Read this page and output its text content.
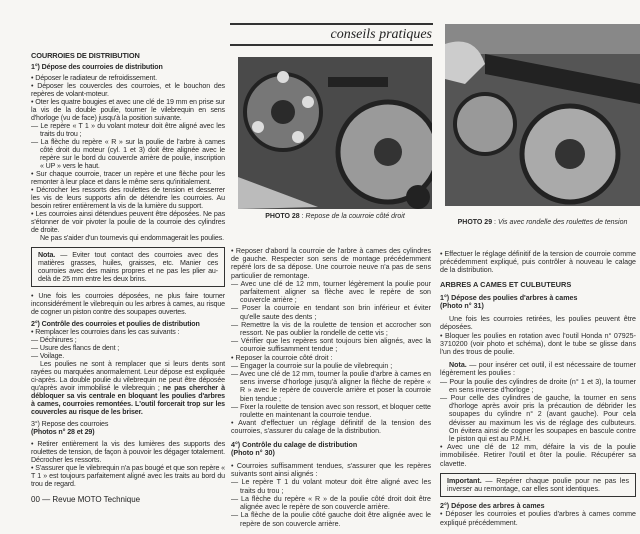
conseils pratiques
PHOTO 28 : Repose de la courroie côté droit
PHOTO 29 : Vis avec rondelle des roulettes de tension

COURROIES DE DISTRIBUTION

1°) Dépose des courroies de distribution

• Déposer le radiateur de refroidissement.

• Déposer les couvercles des courroies, et le bouchon des repères de volant-moteur.

• Oter les quatre bougies et avec une clé de 19 mm en prise sur la vis de la double poulie, tourner le vilebrequin en sens d'horloge (vu de face) jusqu'à la position suivante.

— Le repère « T 1 » du volant moteur doit être aligné avec les traits du trou ;

— La flèche du repère « R » sur la poulie de l'arbre à cames côté droit du moteur (cyl. 1 et 3) doit être alignée avec le repère sur le bord du couvercle arrière de poulie, inscription « UP » vers le haut.

• Sur chaque courroie, tracer un repère et une flèche pour les remonter à leur place et dans le même sens qu'initialement.

• Décrocher les ressorts des roulettes de tension et desserrer les vis de leurs supports afin de détendre les courroies. Au besoin retirer entièrement la vis de la lumière du support.

• Les courroies ainsi détendues peuvent être déposées. Ne pas s'étonner de voir pivoter la poulie de la courroie des cylindres de droite.

Ne pas s'aider d'un tournevis qui endommagerait les poulies.

Nota. — Eviter tout contact des courroies avec des matières grasses, huiles, graisses, etc. Manier ces courroies avec des mains propres et ne pas les plier au-delà de 25 mm entre les deux brins.

• Une fois les courroies déposées, ne plus faire tourner inconsidérément le vilebrequin ou les arbres à cames, au risque de cogner un piston contre des soupapes ouvertes.

2°) Contrôle des courroies et poulies de distribution

• Remplacer les courroies dans les cas suivants :

— Déchirures ;

— Usure des flancs de dent ;

— Voilage.

Les poulies ne sont à remplacer que si leurs dents sont rayées ou marquées anormalement. Leur dépose est expliquée ci-après. La double poulie du vilebrequin ne peut être déposée qu'après avoir immobilisé le vilebrequin ; ne pas chercher à débloquer sa vis centrale en bloquant les poulies d'arbres à cames, courroies remontées. L'outil forcerait trop sur les couvercles au risque de les briser.

3°) Repose des courroies

(Photos n° 28 et 29)

• Retirer entièrement la vis des lumières des supports des roulettes de tension, de façon à pouvoir les dégager totalement. Décrocher les ressorts.

• S'assurer que le vilebrequin n'a pas bougé et que son repère « T 1 » est toujours parfaitement aligné avec les traits au bord du trou de regard.

00 — Revue MOTO Technique

• Reposer d'abord la courroie de l'arbre à cames des cylindres de gauche. Respecter son sens de montage précédemment repéré lors de sa dépose. Une courroie neuve n'a pas de sens particulier de remontage.

— Avec une clé de 12 mm, tourner légèrement la poulie pour parfaitement aligner sa flèche avec le repère de son couvercle arrière ;

— Poser la courroie en tendant son brin inférieur et éviter qu'elle saute des dents ;

— Remettre la vis de la roulette de tension et accrocher son ressort. Ne pas oublier la rondelle de cette vis ;

— Vérifier que les repères sont toujours bien alignés, avec la courroie suffisamment tendue ;

• Reposer la courroie côté droit :

— Engager la courroie sur la poulie de vilebrequin ;

— Avec une clé de 12 mm, tourner la poulie d'arbre à cames en sens inverse d'horloge jusqu'à aligner la flèche de repère « R » avec le repère de couvercle arrière et poser la courroie bien tendue ;

— Fixer la roulette de tension avec son ressort, et bloquer cette roulette en maintenant la courroie tendue.

• Avant d'effectuer un réglage définitif de la tension des courroies, s'assurer du calage de la distribution.

4°) Contrôle du calage de distribution

(Photo n° 30)

• Courroies suffisamment tendues, s'assurer que les repères suivants sont ainsi alignés :

— Le repère T 1 du volant moteur doit être aligné avec les traits du trou ;

— La flèche du repère « R » de la poulie côté droit doit être alignée avec le repère de son couvercle arrière.

— La flèche de la poulie côté gauche doit être alignée avec le repère de son couvercle arrière.

• Effectuer le réglage définitif de la tension de courroie comme précédemment expliqué, puis contrôler à nouveau le calage de la distribution.

ARBRES A CAMES ET CULBUTEURS

1°) Dépose des poulies d'arbres à cames

(Photo n° 31)

Une fois les courroies retirées, les poulies peuvent être déposées.

• Bloquer les poulies en rotation avec l'outil Honda n° 07925-3710200 (voir photo et schéma), dont le tube se glisse dans l'un des trous de poulie.

Nota. — pour insérer cet outil, il est nécessaire de tourner légèrement les poulies :

— Pour la poulie des cylindres de droite (n° 1 et 3), la tourner en sens inverse d'horloge ;

— Pour celle des cylindres de gauche, la tourner en sens d'horloge après avoir pris la précaution de débrider les soupapes du cylindre n° 2 (avant gauche). Pour cela dévisser au maximum les vis de réglage des culbuteurs. On évitera ainsi de cogner les soupapes en bascule contre le piston qui est au P.M.H.

• Avec une clé de 12 mm, défaire la vis de la poulie immobilisée. Retirer l'outil et ôter la poulie. Récupérer sa clavette.

Important. — Repérer chaque poulie pour ne pas les inverser au remontage, car elles sont identiques.

2°) Dépose des arbres à cames

• Déposer les courroies et poulies d'arbres à cames comme expliqué précédemment.
